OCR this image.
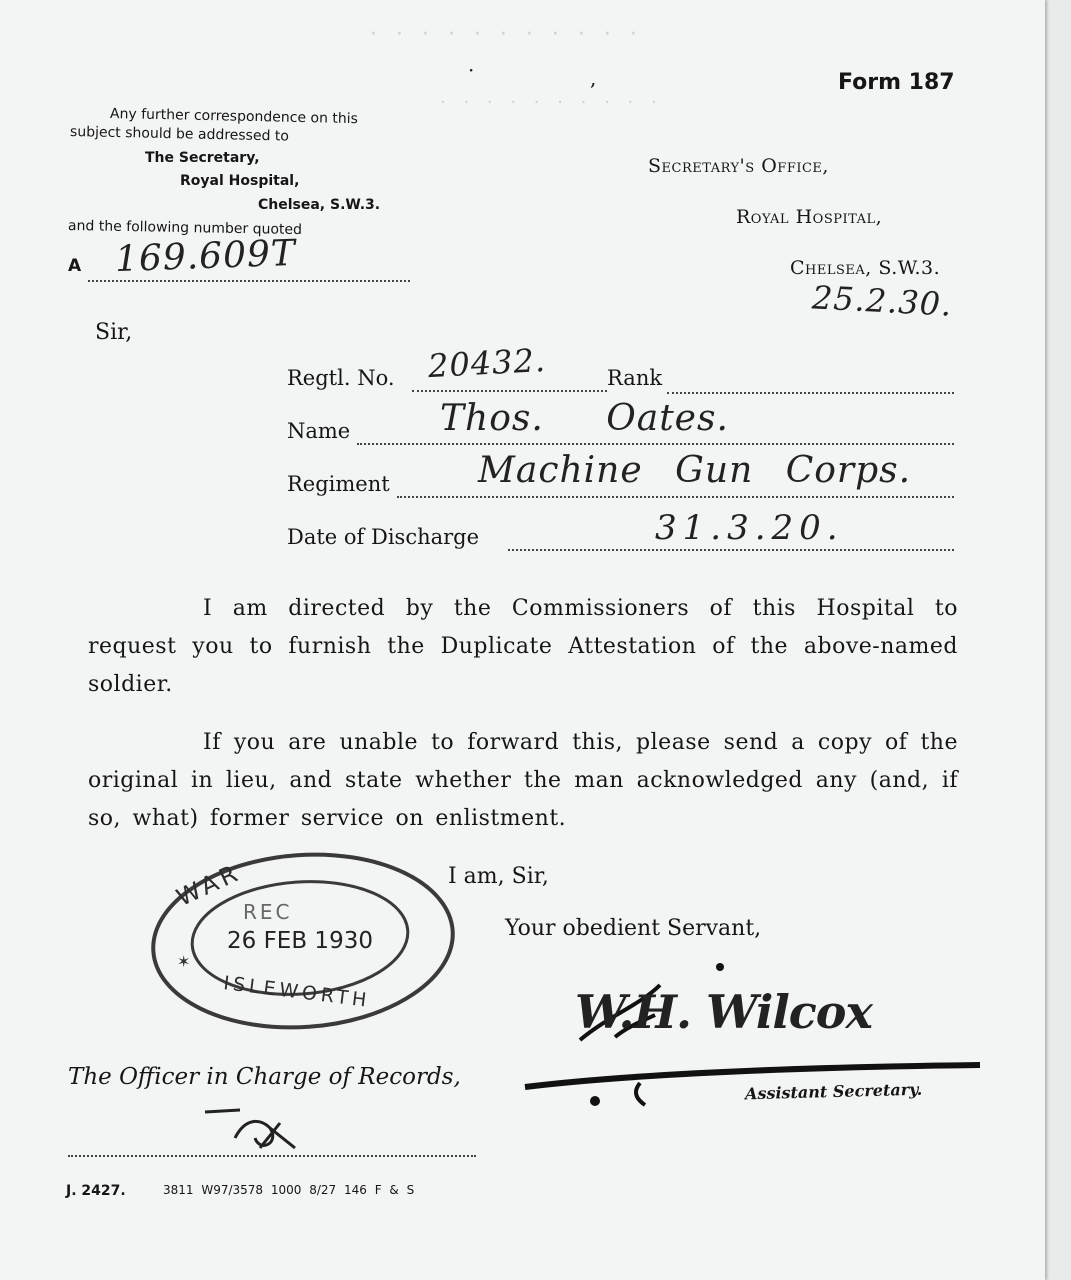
· · · · · · · · · · ·
· · · · · · · · · ·
·	,	Form 187
Any further correspondence on this
subject should be addressed to
The Secretary,
Royal Hospital,
Chelsea, S.W.3.
and the following number quoted
A 169.609T
Secretary's Office,
Royal Hospital,
Chelsea, S.W.3.
25.2.30.
Sir,
Regtl. No. 20432.	Rank
Name Thos. Oates.
Regiment Machine Gun Corps.
Date of Discharge	31.3.20.
I am directed by the Commissioners of this Hospital to request you to furnish the Duplicate Attestation of the above-named soldier.
If you are unable to forward this, please send a copy of the original in lieu, and state whether the man acknowledged any (and, if so, what) former service on enlistment.
I am, Sir,
Your obedient Servant,
W.H. Wilcox
Assistant Secretary.
✶
WAR
REC
26 FEB 1930
ISLEWORTH
The Officer in Charge of Records,
J. 2427.	3811 W97/3578 1000 8/27 146 F & S
